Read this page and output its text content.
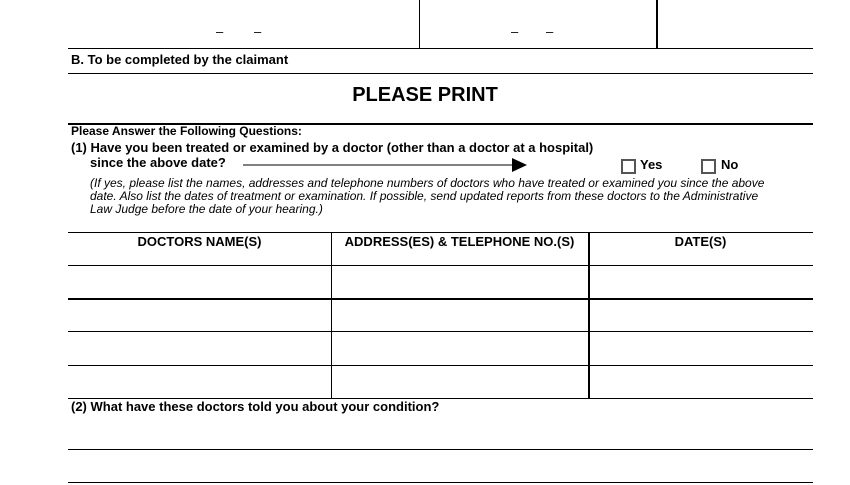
– –	– –
B. To be completed by the claimant
PLEASE PRINT
Please Answer the Following Questions:
(1) Have you been treated or examined by a doctor (other than a doctor at a hospital)
since the above date?	Yes	No
(If yes, please list the names, addresses and telephone numbers of doctors who have treated or examined you since the above
date. Also list the dates of treatment or examination. If possible, send updated reports from these doctors to the Administrative
Law Judge before the date of your hearing.)
DOCTORS NAME(S)	ADDRESS(ES) & TELEPHONE NO.(S)	DATE(S)
(2) What have these doctors told you about your condition?
